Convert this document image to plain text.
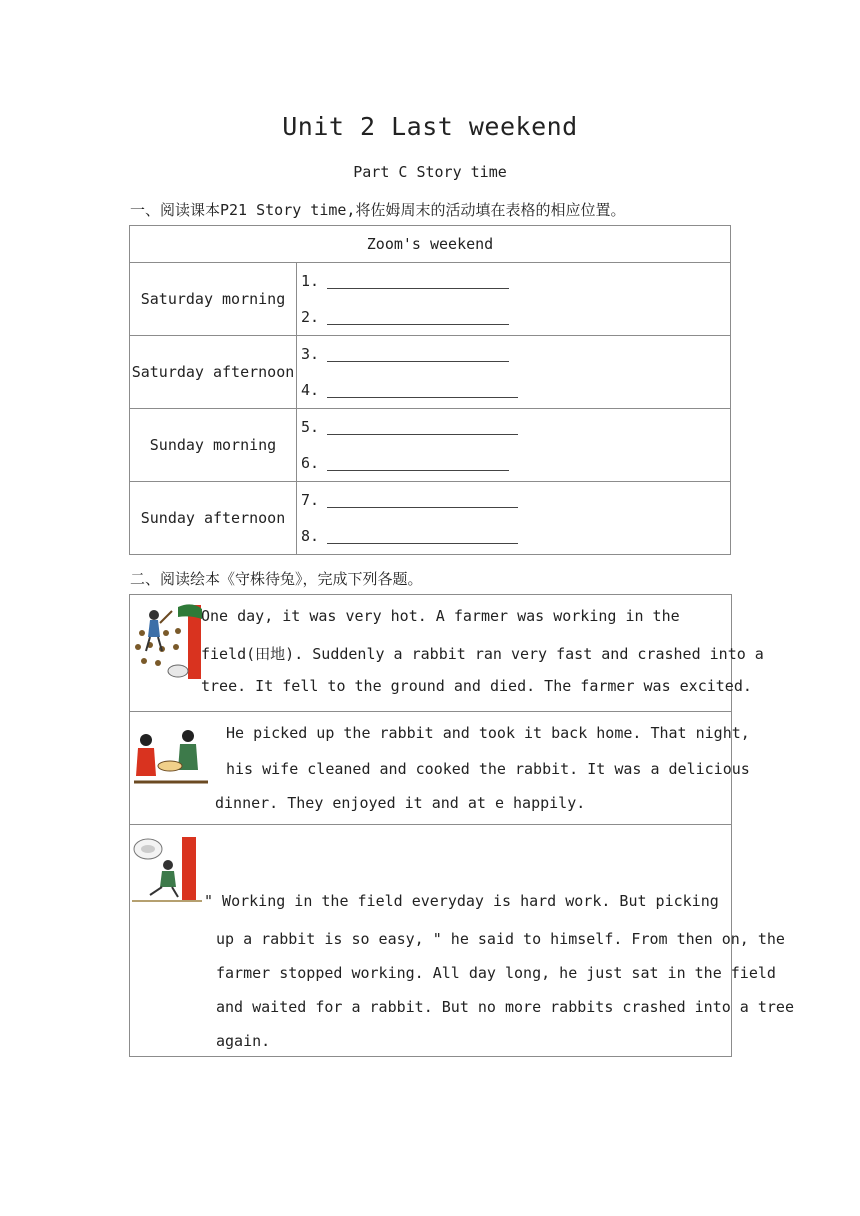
Unit 2 Last weekend
Part C Story time
一、阅读课本P21 Story time,将佐姆周末的活动填在表格的相应位置。
Zoom's weekend	
Saturday morning	1.
2.

Saturday afternoon	3.
4.

Sunday morning	5.
6.

Sunday afternoon	7.
8.
二、阅读绘本《守株待兔》，完成下列各题。
One day, it was very hot. A farmer was working in the
field(田地). Suddenly a rabbit ran very fast and crashed into a
tree. It fell to the ground and died. The farmer was excited.
He picked up the rabbit and took it back home. That night,
his wife cleaned and cooked the rabbit. It was a delicious
dinner. They enjoyed it and at e happily.
" Working in the field everyday is hard work. But picking
up a rabbit is so easy, " he said to himself. From then on, the
farmer stopped working. All day long, he just sat in the field
and waited for a rabbit. But no more rabbits crashed into a tree
again.
